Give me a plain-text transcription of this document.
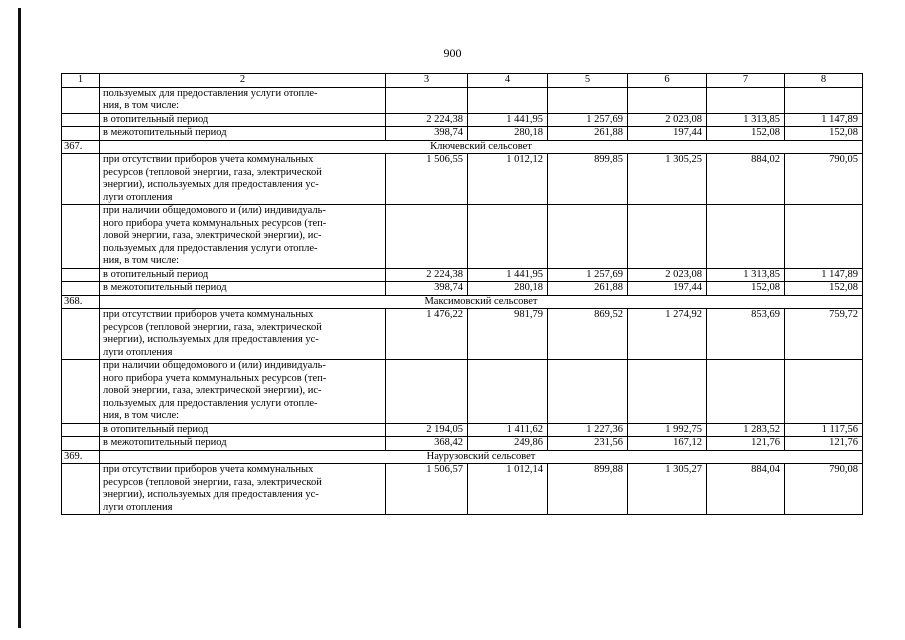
900
1	2	3	4	5	6	7	8

	пользуемых для предоставления услуги отопле-
ния, в том числе:						

	в отопительный период	2 224,38	1 441,95	1 257,69	2 023,08	1 313,85	1 147,89

	в межотопительный период	398,74	280,18	261,88	197,44	152,08	152,08
367.	Ключевский сельсовет						

	при отсутствии приборов учета коммунальных
ресурсов (тепловой энергии, газа, электрической
энергии), используемых для предоставления ус-
луги отопления	1 506,55	1 012,12	899,85	1 305,25	884,02	790,05

	при наличии общедомового и (или) индивидуаль-
ного прибора учета коммунальных ресурсов (теп-
ловой энергии, газа, электрической энергии), ис-
пользуемых для предоставления услуги отопле-
ния, в том числе:						

	в отопительный период	2 224,38	1 441,95	1 257,69	2 023,08	1 313,85	1 147,89

	в межотопительный период	398,74	280,18	261,88	197,44	152,08	152,08
368.	Максимовский сельсовет						

	при отсутствии приборов учета коммунальных
ресурсов (тепловой энергии, газа, электрической
энергии), используемых для предоставления ус-
луги отопления	1 476,22	981,79	869,52	1 274,92	853,69	759,72

	при наличии общедомового и (или) индивидуаль-
ного прибора учета коммунальных ресурсов (теп-
ловой энергии, газа, электрической энергии), ис-
пользуемых для предоставления услуги отопле-
ния, в том числе:						

	в отопительный период	2 194,05	1 411,62	1 227,36	1 992,75	1 283,52	1 117,56

	в межотопительный период	368,42	249,86	231,56	167,12	121,76	121,76
369.	Наурузовский сельсовет						

	при отсутствии приборов учета коммунальных
ресурсов (тепловой энергии, газа, электрической
энергии), используемых для предоставления ус-
луги отопления	1 506,57	1 012,14	899,88	1 305,27	884,04	790,08
